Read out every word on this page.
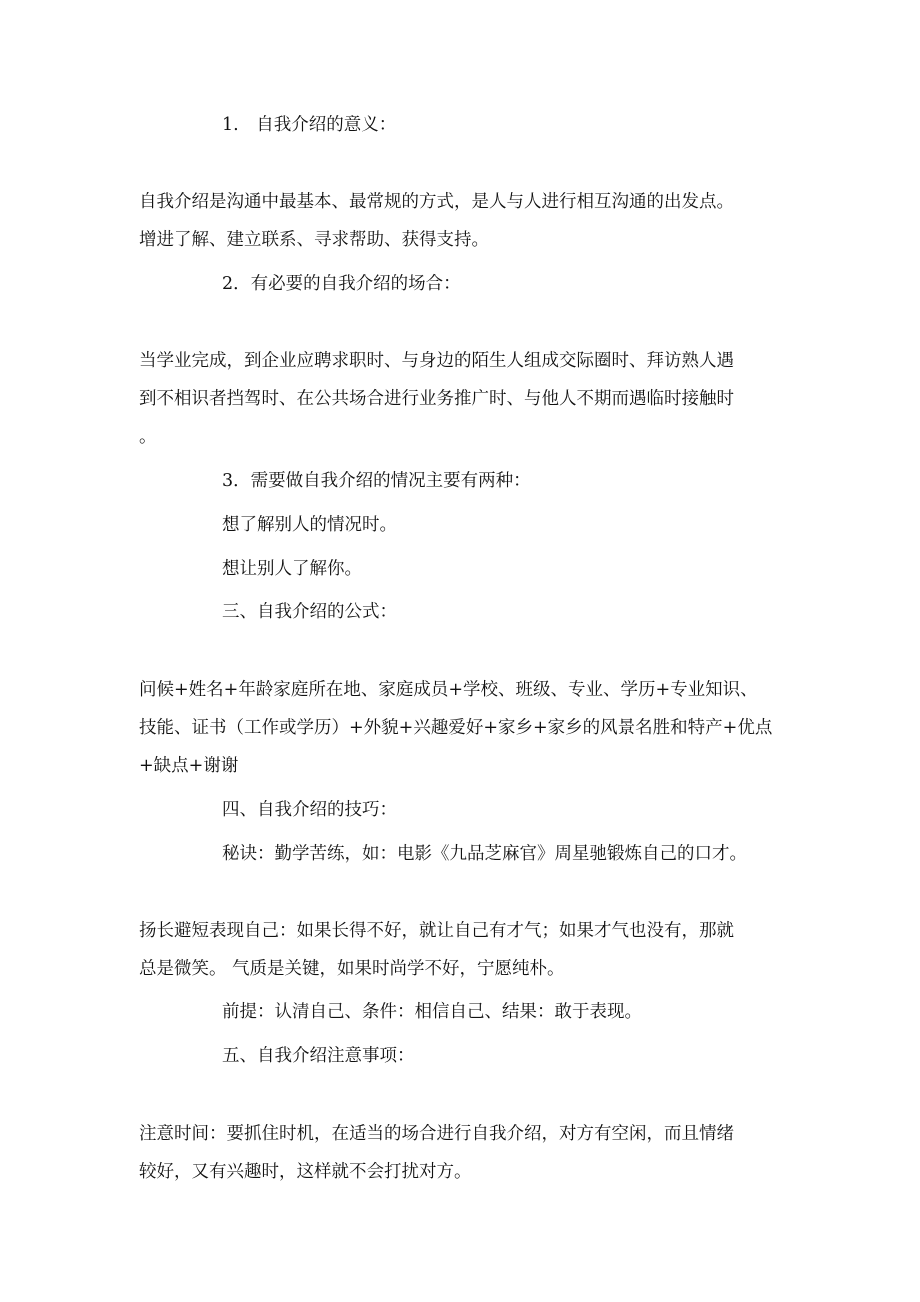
1.　自我介绍的意义：
自我介绍是沟通中最基本、最常规的方式，是人与人进行相互沟通的出发点。
增进了解、建立联系、寻求帮助、获得支持。
2．有必要的自我介绍的场合：
当学业完成，到企业应聘求职时、与身边的陌生人组成交际圈时、拜访熟人遇
到不相识者挡驾时、在公共场合进行业务推广时、与他人不期而遇临时接触时
。
3．需要做自我介绍的情况主要有两种：
想了解别人的情况时。
想让别人了解你。
三、自我介绍的公式：
问候+姓名+年龄家庭所在地、家庭成员+学校、班级、专业、学历+专业知识、
技能、证书（工作或学历）+外貌+兴趣爱好+家乡+家乡的风景名胜和特产+优点
+缺点+谢谢
四、自我介绍的技巧：
秘诀：勤学苦练，如：电影《九品芝麻官》周星驰锻炼自己的口才。
扬长避短表现自己：如果长得不好，就让自己有才气；如果才气也没有，那就
总是微笑。 气质是关键，如果时尚学不好，宁愿纯朴。
前提：认清自己、条件：相信自己、结果：敢于表现。
五、自我介绍注意事项：
注意时间：要抓住时机，在适当的场合进行自我介绍，对方有空闲，而且情绪
较好，又有兴趣时，这样就不会打扰对方。
